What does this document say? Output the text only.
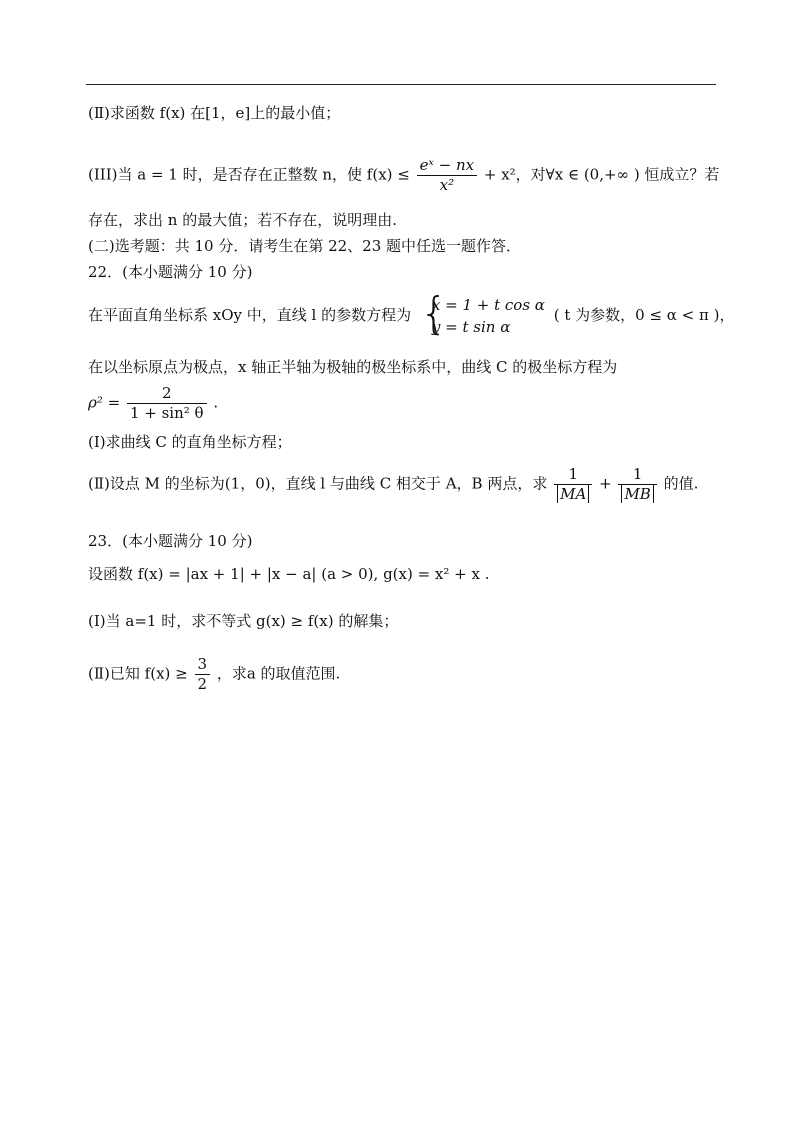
(Ⅱ)求函数 f(x) 在[1，e]上的最小值；
(III)当 a = 1 时，是否存在正整数 n，使 $f(x) \le \frac{\text{eˣ − nx}}{\text{x²}} + x^2$，对∀x ∈ (0,+∞ ) 恒成立？若
存在，求出 n 的最大值；若不存在，说明理由.
(二)选考题：共 10 分．请考生在第 22、23 题中任选一题作答．
22．(本小题满分 10 分)
在平面直角坐标系 xOy 中，直线 l 的参数方程为 {
x = 1 + t cos α
y = t sin α
( t 为参数，0 ≤ α < π )，
在以坐标原点为极点，x 轴正半轴为极轴的极坐标系中，曲线 C 的极坐标方程为
$\rho^2 = \frac{2}{\text{1 + sin² θ}}$ .
(I)求曲线 C 的直角坐标方程；
(Ⅱ)设点 M 的坐标为(1，0)，直线 l 与曲线 C 相交于 A，B 两点，求 $\frac{1}{MA} + \frac{1}{MB}$ 的值.
23．(本小题满分 10 分)
设函数 f(x) = |ax + 1| + |x − a| (a > 0), g(x) = x² + x .
(I)当 a=1 时，求不等式 g(x) ≥ f(x) 的解集；
(Ⅱ)已知 $f(x) \ge \frac{3}{2}$ ，求a 的取值范围.
